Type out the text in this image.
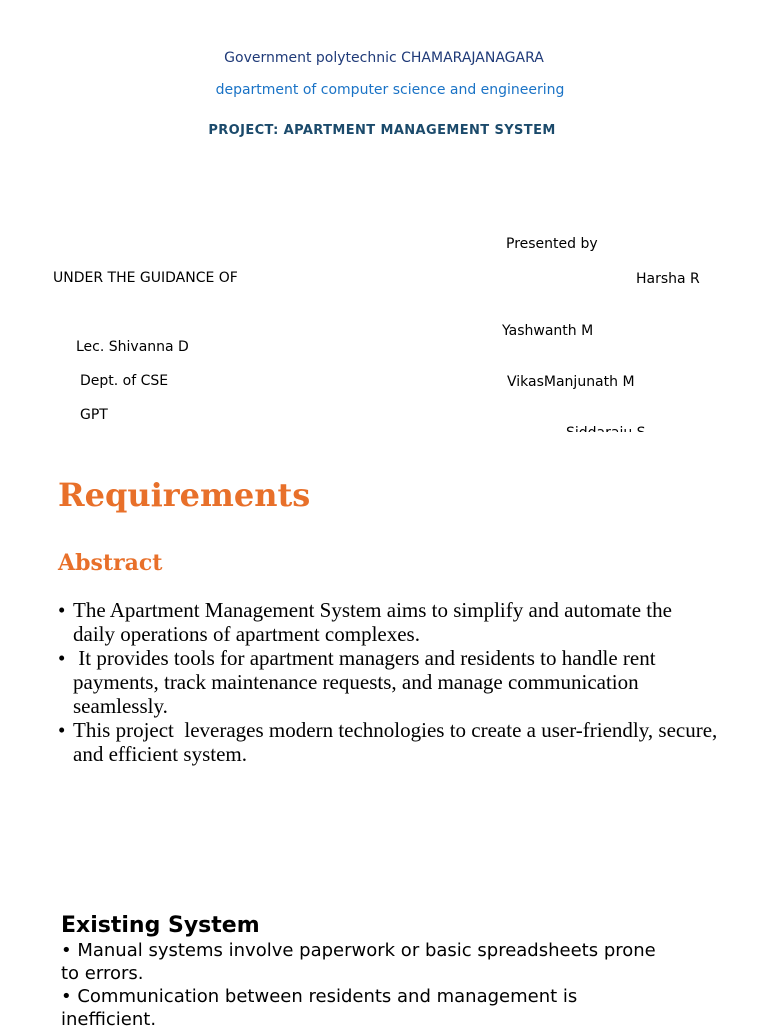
Government polytechnic CHAMARAJANAGARA
department of computer science and engineering
PROJECT: APARTMENT MANAGEMENT SYSTEM
Presented by
UNDER THE GUIDANCE OF	Harsha R
Yashwanth M
Lec. Shivanna D
Dept. of CSE	VikasManjunath M
GPT
Requirements
Abstract
• The Apartment Management System aims to simplify and automate the daily operations of apartment complexes.
• It provides tools for apartment managers and residents to handle rent payments, track maintenance requests, and manage communication seamlessly.
• This project  leverages modern technologies to create a user-friendly, secure, and efficient system.
Existing System
• Manual systems involve paperwork or basic spreadsheets prone to errors.
• Communication between residents and management is inefficient.
